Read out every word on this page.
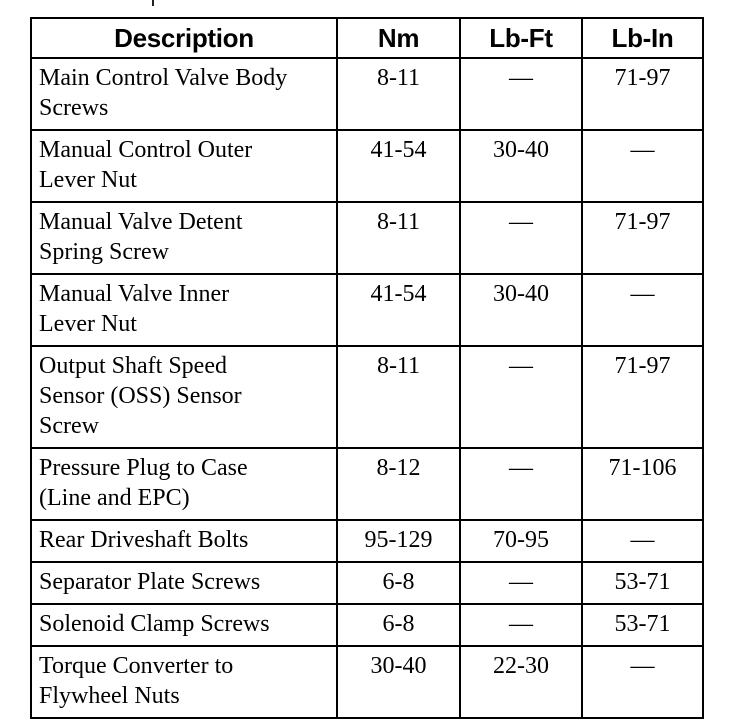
Description	Nm	Lb-Ft	Lb-In

Main Control Valve Body
Screws	8-11	—	71-97

Manual Control Outer
Lever Nut	41-54	30-40	—

Manual Valve Detent
Spring Screw	8-11	—	71-97

Manual Valve Inner
Lever Nut	41-54	30-40	—

Output Shaft Speed
Sensor (OSS) Sensor
Screw	8-11	—	71-97

Pressure Plug to Case
(Line and EPC)	8-12	—	71-106

Rear Driveshaft Bolts	95-129	70-95	—

Separator Plate Screws	6-8	—	53-71

Solenoid Clamp Screws	6-8	—	53-71

Torque Converter to
Flywheel Nuts	30-40	22-30	—
